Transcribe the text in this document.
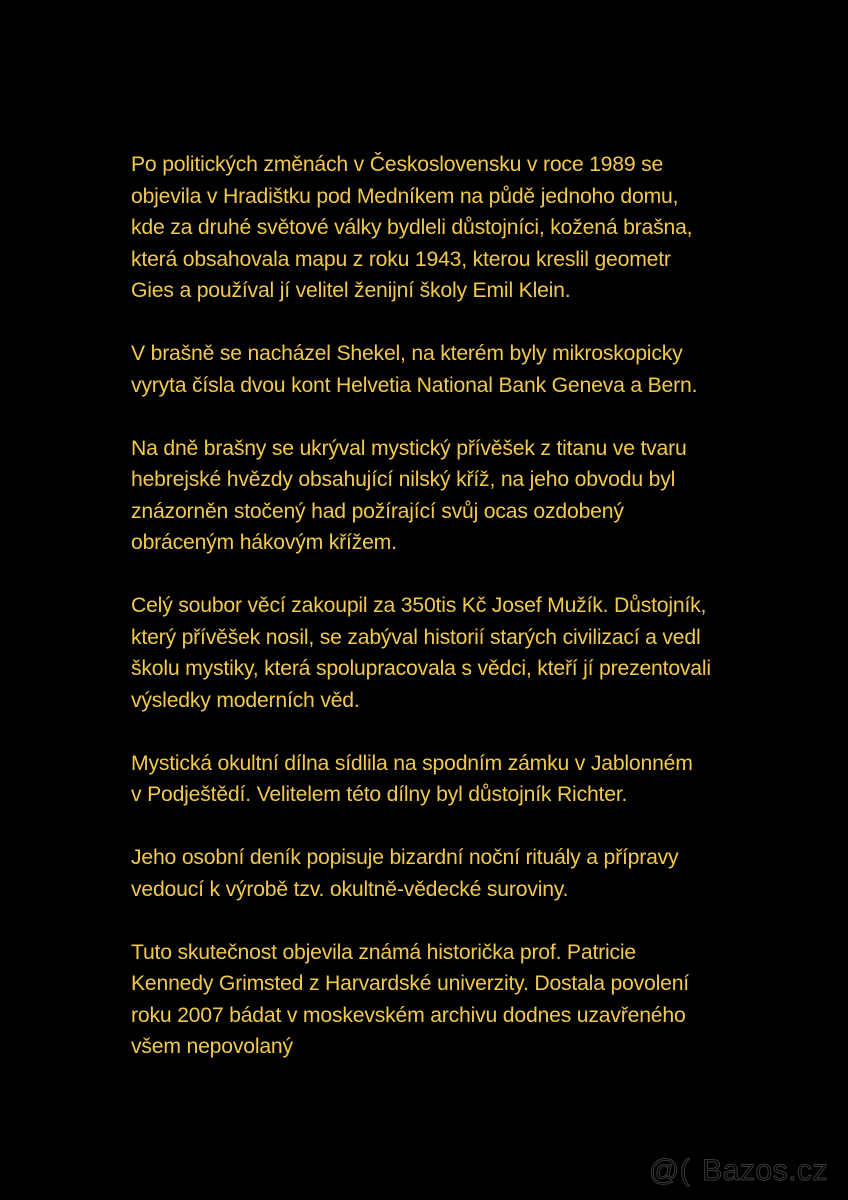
Po politických změnách v Československu v roce 1989 se
objevila v Hradištku pod Medníkem na půdě jednoho domu,
kde za druhé světové války bydleli důstojníci, kožená brašna,
která obsahovala mapu z roku 1943, kterou kreslil geometr
Gies a používal jí velitel ženijní školy Emil Klein.

V brašně se nacházel Shekel, na kterém byly mikroskopicky
vyryta čísla dvou kont Helvetia National Bank Geneva a Bern.

Na dně brašny se ukrýval mystický přívěšek z titanu ve tvaru
hebrejské hvězdy obsahující nilský kříž, na jeho obvodu byl
znázorněn stočený had požírající svůj ocas ozdobený
obráceným hákovým křížem.

Celý soubor věcí zakoupil za 350tis Kč Josef Mužík. Důstojník,
který přívěšek nosil, se zabýval historií starých civilizací a vedl
školu mystiky, která spolupracovala s vědci, kteří jí prezentovali
výsledky moderních věd.

Mystická okultní dílna sídlila na spodním zámku v Jablonném
v Podještědí. Velitelem této dílny byl důstojník Richter.

Jeho osobní deník popisuje bizardní noční rituály a přípravy
vedoucí k výrobě tzv. okultně-vědecké suroviny.

Tuto skutečnost objevila známá historička prof. Patricie
Kennedy Grimsted z Harvardské univerzity. Dostala povolení
roku 2007 bádat v moskevském archivu dodnes uzavřeného
všem nepovolaný

@( Bazos.cz
